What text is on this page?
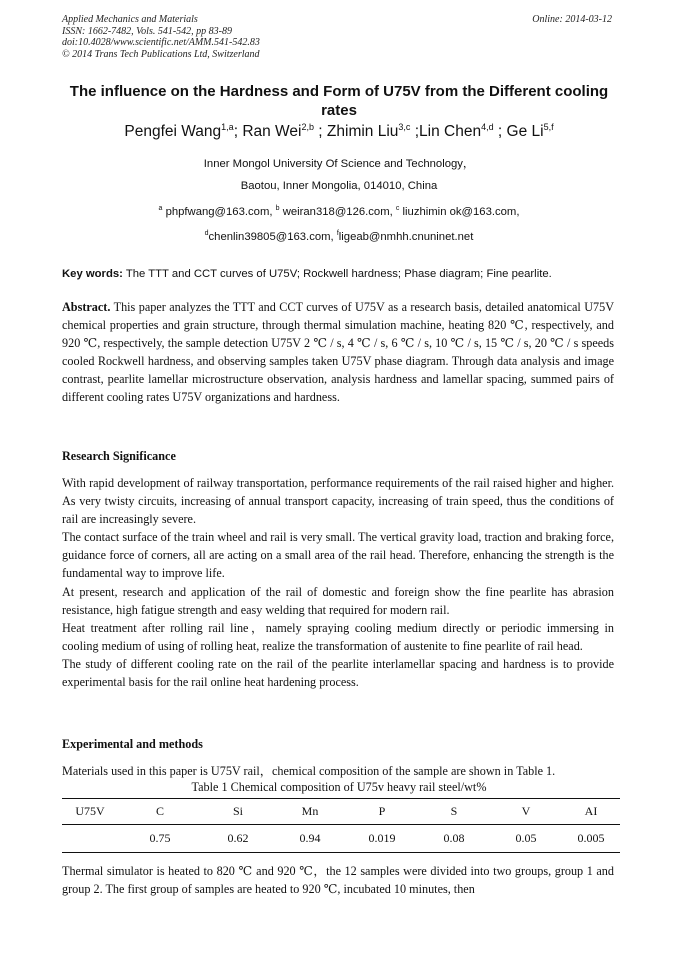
Applied Mechanics and Materials
ISSN: 1662-7482, Vols. 541-542, pp 83-89
doi:10.4028/www.scientific.net/AMM.541-542.83
© 2014 Trans Tech Publications Ltd, Switzerland
Online: 2014-03-12
The influence on the Hardness and Form of U75V from the Different cooling rates
Pengfei Wang$^{1,a}$; Ran Wei$^{2,b}$ ; Zhimin Liu$^{3,c}$ ;Lin Chen$^{4,d}$ ; Ge Li$^{5,f}$
Inner Mongol University Of Science and Technology，
Baotou, Inner Mongolia, 014010, China
$^a$ phpfwang@163.com, $^b$ weiran318@126.com, $^c$ liuzhimin ok@163.com,
$^d$chenlin39805@163.com, $^f$ligeab@nmhh.cnuninet.net
Key words: The TTT and CCT curves of U75V; Rockwell hardness; Phase diagram; Fine pearlite.
Abstract. This paper analyzes the TTT and CCT curves of U75V as a research basis, detailed anatomical U75V chemical properties and grain structure, through thermal simulation machine, heating 820 ℃, respectively, and 920 ℃, respectively, the sample detection U75V 2 ℃ / s, 4 ℃ / s, 6 ℃ / s, 10 ℃ / s, 15 ℃ / s, 20 ℃ / s speeds cooled Rockwell hardness, and observing samples taken U75V phase diagram. Through data analysis and image contrast, pearlite lamellar microstructure observation, analysis hardness and lamellar spacing, summed pairs of different cooling rates U75V organizations and hardness.
Research Significance
With rapid development of railway transportation, performance requirements of the rail raised higher and higher. As very twisty circuits, increasing of annual transport capacity, increasing of train speed, thus the conditions of rail are increasingly severe.
The contact surface of the train wheel and rail is very small. The vertical gravity load, traction and braking force, guidance force of corners, all are acting on a small area of the rail head. Therefore, enhancing the strength is the fundamental way to improve life.
At present, research and application of the rail of domestic and foreign show the fine pearlite has abrasion resistance, high fatigue strength and easy welding that required for modern rail.
Heat treatment after rolling rail line，namely spraying cooling medium directly or periodic immersing in cooling medium of using of rolling heat, realize the transformation of austenite to fine pearlite of rail head.
The study of different cooling rate on the rail of the pearlite interlamellar spacing and hardness is to provide experimental basis for the rail online heat hardening process.
Experimental and methods
Materials used in this paper is U75V rail，chemical composition of the sample are shown in Table 1.
Table 1 Chemical composition of U75v heavy rail steel/wt%
U75V	C	Si	Mn	P	S	V	AI
	0.75	0.62	0.94	0.019	0.08	0.05	0.005
Thermal simulator is heated to 820 ℃ and 920 ℃，the 12 samples were divided into two groups, group 1 and group 2. The first group of samples are heated to 920 ℃, incubated 10 minutes, then
